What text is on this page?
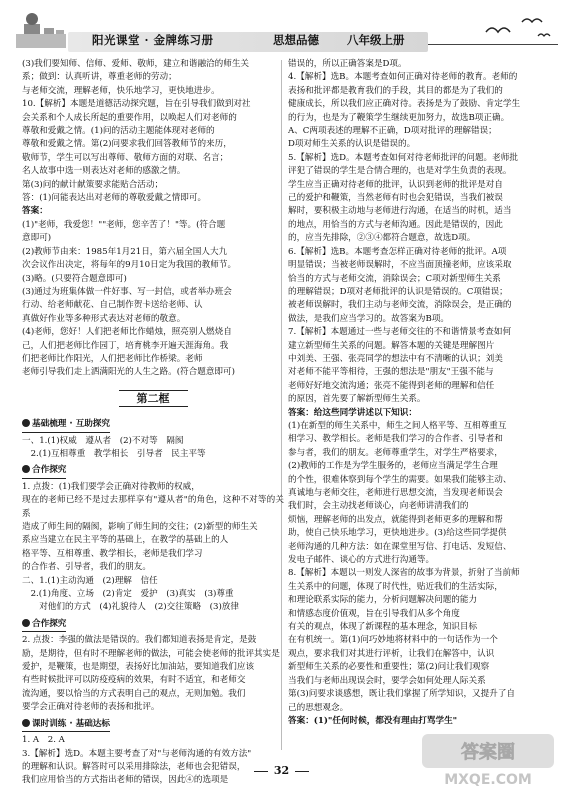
阳光课堂 · 金牌练习册	思想品德 八年级上册

(3)我们要知师、信师、爱师、敬师，建立和谐融洽的师生关

系；做到：认真听讲，尊重老师的劳动；

与老师交流，理解老师，快乐地学习，更快地进步。

10.【解析】本题是道德活动探究题，旨在引导我们做到对社

会关系和个人成长所起的重要作用，以唤起人们对老师的

尊敬和爱戴之情。(1)问的活动主题能体现对老师的

尊敬和爱戴之情。第(2)问要求我们回答教师节的来历，

敬师节，学生可以写出尊师、敬师方面的对联、名言；

名人故事中选一则表达对老师的感激之情。

第(3)问的献计献策要求能贴合活动；

答：(1)问能表达出对老师的尊敬爱戴之情即可。

答案：

(1)"老师，我爱您！""老师，您辛苦了！"等。(符合题

意即可)

(2)教师节由来：1985年1月21日，第六届全国人大九

次会议作出决定，将每年的9月10日定为我国的教师节。

(3)略。(只要符合题意即可)

(3)通过为班集体做一件好事、写一封信，或者举办班会

行动、给老师献花、自己制作贺卡送给老师、认

真做好作业等多种形式表达对老师的敬意。

(4)老师，您好！人们把老师比作蜡烛，照亮别人燃烧自

己，人们把老师比作园丁，培育桃李开遍天涯海角。我

们把老师比作阳光，人们把老师比作桥梁。老师

老师引导我们走上洒满阳光的人生之路。(符合题意即可)

第二框
基础梳理 · 互助探究

一、1.(1)权威　遵从者　(2)不对等　隔阂

　2.(1)互相尊重　教学相长　引导者　民主平等

合作探究

1. 点拨：(1)我们要学会正确对待教师的权威，

现在的老师已经不是过去那样享有"遵从者"的角色，这种不对等的关系

造成了师生间的隔阂，影响了师生间的交往；(2)新型的师生关

系应当建立在民主平等的基础上，在教学的基础上的人

格平等、互相尊重、教学相长，老师是我们学习

的合作者、引导者，我们的朋友。

二、1.(1)主动沟通　(2)理解　信任

　2.(1)角度、立场　(2)肯定　爱护　(3)真实　(3)尊重

　　对他们的方式　(4)礼貌待人　(2)交往策略　(3)放律

合作探究

2. 点拨：李强的做法是错误的。我们都知道表扬是肯定，是鼓

励，是期待，但有时不理解老师的做法，可能会使老师的批评其实是

爱护，是鞭策，也是期望，表扬好比加油站，要知道我们应该

有些时候批评可以防疫疫病的效果，有时不适宜，和老师交

流沟通，要以恰当的方式表明自己的观点，无则加勉。我们

要学会正确对待老师的表扬和批评。

课时训练 · 基础达标

1. A　2. A

3.【解析】选D。本题主要考查了对"与老师沟通的有效方法"

的理解和认识。解答时可以采用排除法，老师也会犯错误，

我们应用恰当的方式指出老师的错误，因此④的选项是

错误的，所以正确答案是D项。

4.【解析】选B。本题考查如何正确对待老师的教育。老师的

表扬和批评都是教育我们的手段，其目的都是为了我们的

健康成长，所以我们应正确对待。表扬是为了鼓励、肯定学生

的行为，也是为了鞭策学生继续更加努力，故选B项正确。

A、C两项表述的理解不正确，D项对批评的理解错误；

D项对师生关系的认识是错误的。

5.【解析】选D。本题考查如何对待老师批评的问题。老师批

评犯了错误的学生是合情合理的，也是对学生负责的表现。

学生应当正确对待老师的批评，认识到老师的批评是对自

己的爱护和鞭策，当然老师有时也会犯错误，当我们被误

解时，要积极主动地与老师进行沟通，在适当的时机，适当

的地点，用恰当的方式与老师沟通。因此是错误的，因此

的，应当先排除，②③④都符合题意，故选D项。

6.【解析】选B。本题考查怎样正确对待老师的批评。A项

明显错误；当被老师误解时，不应当面顶撞老师，应该采取

恰当的方式与老师交流，消除误会；C项对新型师生关系

的理解错误；D项对老师批评的认识是错误的。C项错误；

被老师误解时，我们主动与老师交流，消除误会，是正确的

做法，是我们应当学习的。故答案为B项。

7.【解析】本题通过一些与老师交往的不和谐情景考查如何

建立新型师生关系的问题。解答本题的关键是理解图片

中刘美、王强、张亮同学的想法中有不清晰的认识；刘美

对老师不能平等相待，王强的想法是"朋友"王强不能与

老师好好地交流沟通；张亮不能得到老师的理解和信任

的原因，首先要了解新型师生关系。

答案：给这些同学讲述以下知识：

(1)在新型的师生关系中，师生之间人格平等、互相尊重互

相学习、教学相长。老师是我们学习的合作者、引导者和

参与者，我们的朋友。老师尊重学生，对学生严格要求，

(2)教师的工作是为学生服务的，老师应当满足学生合理

的个性，很难体察到每个学生的需要。如果我们能够主动、

真诚地与老师交往，老师进行思想交流，当发现老师误会

我们时，会主动找老师谈心，向老师讲清我们的

烦恼，理解老师的出发点，就能得到老师更多的理解和帮

助，使自己快乐地学习，更快地进步。(3)给这些同学提供

老师沟通的几种方法：如在课堂里写信、打电话、发短信、

发电子邮件、谈心的方式进行沟通等。

8.【解析】本题以一则发人深省的故事为背景，折射了当前师

生关系中的问题，体现了时代性，贴近我们的生活实际，

和理论联系实际的能力，分析问题解决问题的能力

和情感态度价值观，旨在引导我们从多个角度

有关的观点，体现了新课程的基本理念，知识目标

在有机统一。第(1)问巧妙地将材料中的一句话作为一个

观点，要求我们对其进行评析，让我们在解答中，认识

新型师生关系的必要性和重要性；第(2)问让我们观察

当我们与老师出现误会时，要学会如何处理人际关系

第(3)问要求谈感想，既让我们掌握了所学知识，又提升了自

己的思想观念。

答案：(1)"任何时候，都没有理由打骂学生"

答案圈
MXQE.COM
32
